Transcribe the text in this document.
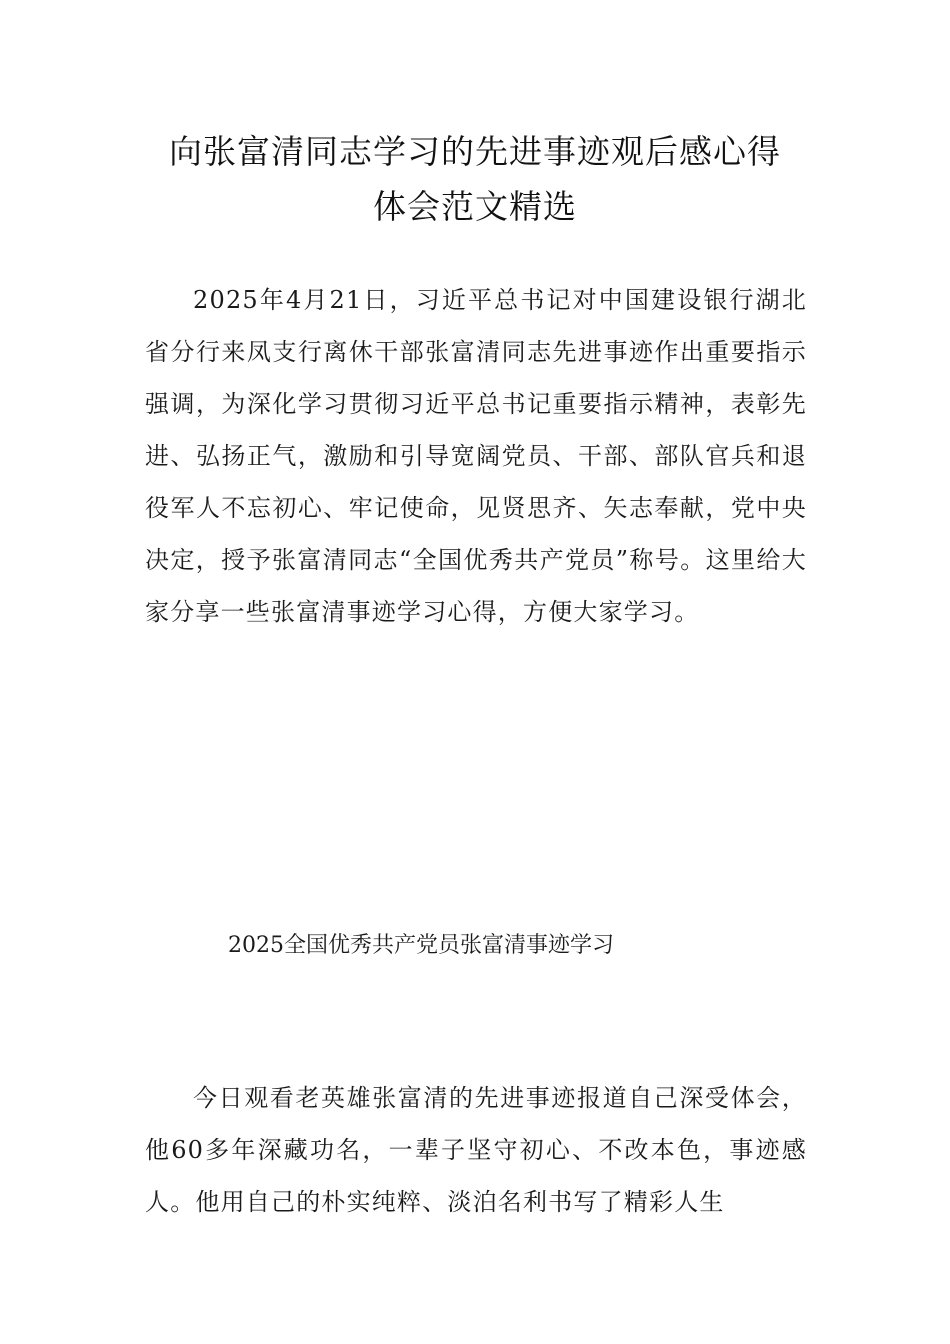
向张富清同志学习的先进事迹观后感心得
体会范文精选

2025年4月21日，习近平总书记对中国建设银行湖北省分行来凤支行离休干部张富清同志先进事迹作出重要指示强调，为深化学习贯彻习近平总书记重要指示精神，表彰先进、弘扬正气，激励和引导宽阔党员、干部、部队官兵和退役军人不忘初心、牢记使命，见贤思齐、矢志奉献，党中央决定，授予张富清同志“全国优秀共产党员”称号。这里给大家分享一些张富清事迹学习心得，方便大家学习。

2025全国优秀共产党员张富清事迹学习

今日观看老英雄张富清的先进事迹报道自己深受体会，他60多年深藏功名，一辈子坚守初心、不改本色，事迹感人。他用自己的朴实纯粹、淡泊名利书写了精彩人生
